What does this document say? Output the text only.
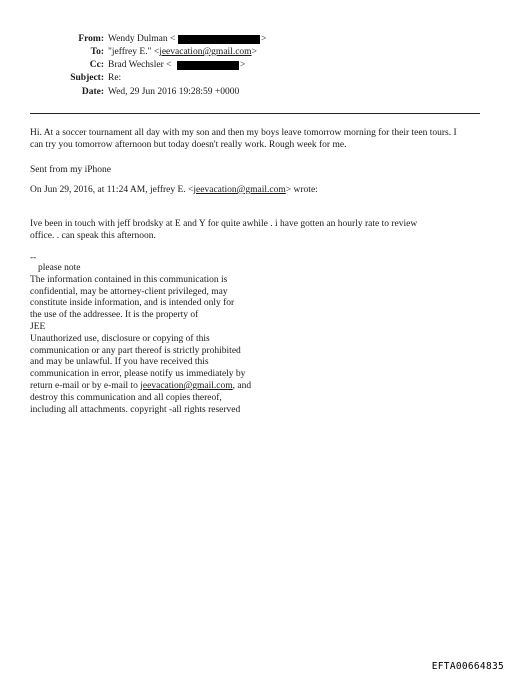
From: Wendy Dulman <	>
To: "jeffrey E." <jeevacation@gmail.com>
Cc: Brad Wechsler <	>
Subject: Re:
Date: Wed, 29 Jun 2016 19:28:59 +0000
Hi. At a soccer tournament all day with my son and then my boys leave tomorrow morning for their teen tours. I
can try you tomorrow afternoon but today doesn't really work. Rough week for me.
Sent from my iPhone
On Jun 29, 2016, at 11:24 AM, jeffrey E. <jeevacation@gmail.com> wrote:
Ive been in touch with jeff brodsky at E and Y for quite awhile . i have gotten an hourly rate to review
office. . can speak this afternoon.
--
please note
The information contained in this communication is
confidential, may be attorney-client privileged, may
constitute inside information, and is intended only for
the use of the addressee. It is the property of
JEE
Unauthorized use, disclosure or copying of this
communication or any part thereof is strictly prohibited
and may be unlawful. If you have received this
communication in error, please notify us immediately by
return e-mail or by e-mail to jeevacation@gmail.com, and
destroy this communication and all copies thereof,
including all attachments. copyright -all rights reserved
EFTA00664835
